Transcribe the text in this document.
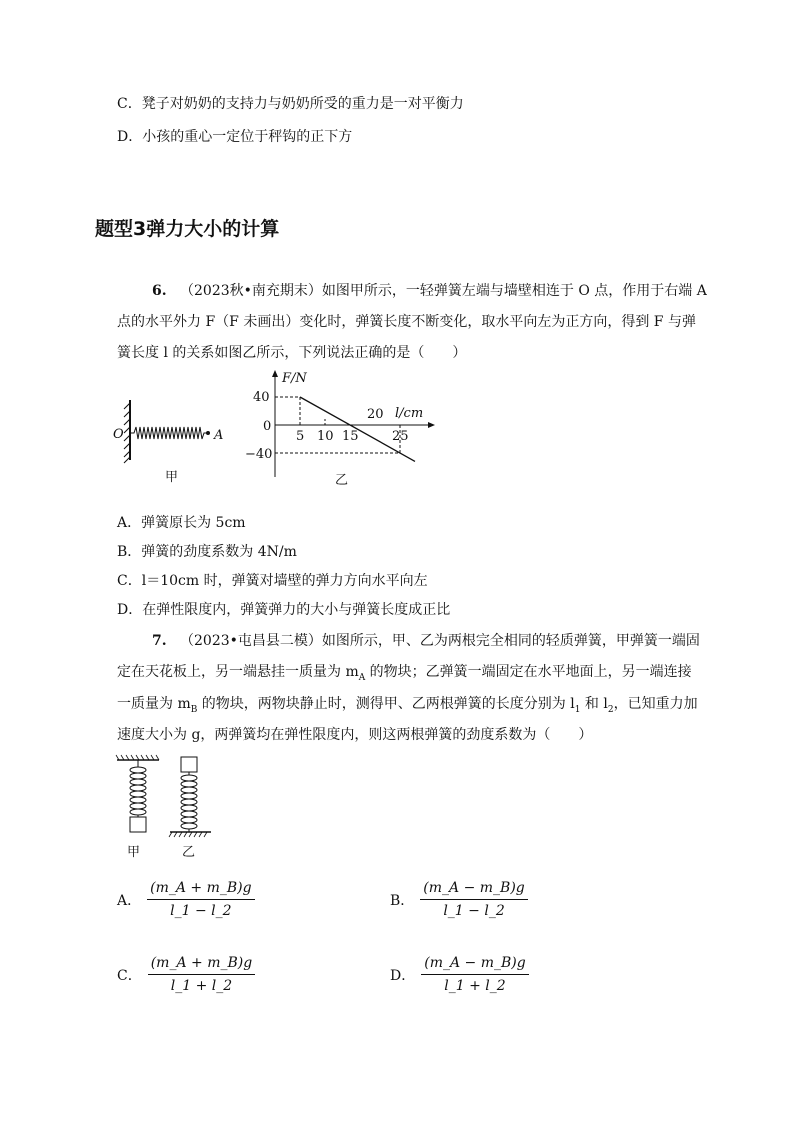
C．凳子对奶奶的支持力与奶奶所受的重力是一对平衡力
D．小孩的重心一定位于秤钩的正下方
题型3弹力大小的计算
6. （2023秋•南充期末）如图甲所示，一轻弹簧左端与墙壁相连于 O 点，作用于右端 A
点的水平外力 F（F 未画出）变化时，弹簧长度不断变化，取水平向左为正方向，得到 F 与弹
簧长度 l 的关系如图乙所示，下列说法正确的是（　　）
O	A
甲
5 10 15
20
25
40
0
−40
F/N
l/cm
乙
A．弹簧原长为 5cm
B．弹簧的劲度系数为 4N/m
C．l＝10cm 时，弹簧对墙壁的弹力方向水平向左
D．在弹性限度内，弹簧弹力的大小与弹簧长度成正比
7. （2023•屯昌县二模）如图所示，甲、乙为两根完全相同的轻质弹簧，甲弹簧一端固
定在天花板上，另一端悬挂一质量为 $m_A$ 的物块；乙弹簧一端固定在水平地面上，另一端连接
一质量为 $m_B$ 的物块，两物块静止时，测得甲、乙两根弹簧的长度分别为 $l_1$ 和 $l_2$，已知重力加
速度大小为 g，两弹簧均在弹性限度内，则这两根弹簧的劲度系数为（　　）
甲	乙
A． $\frac{(m\_A + m\_B)g}{l\_1 - l\_2}$	B． $\frac{(m\_A - m\_B)g}{l\_1 - l\_2}$
C． $\frac{(m\_A + m\_B)g}{l\_1 + l\_2}$	D． $\frac{(m\_A - m\_B)g}{l\_1 + l\_2}$
